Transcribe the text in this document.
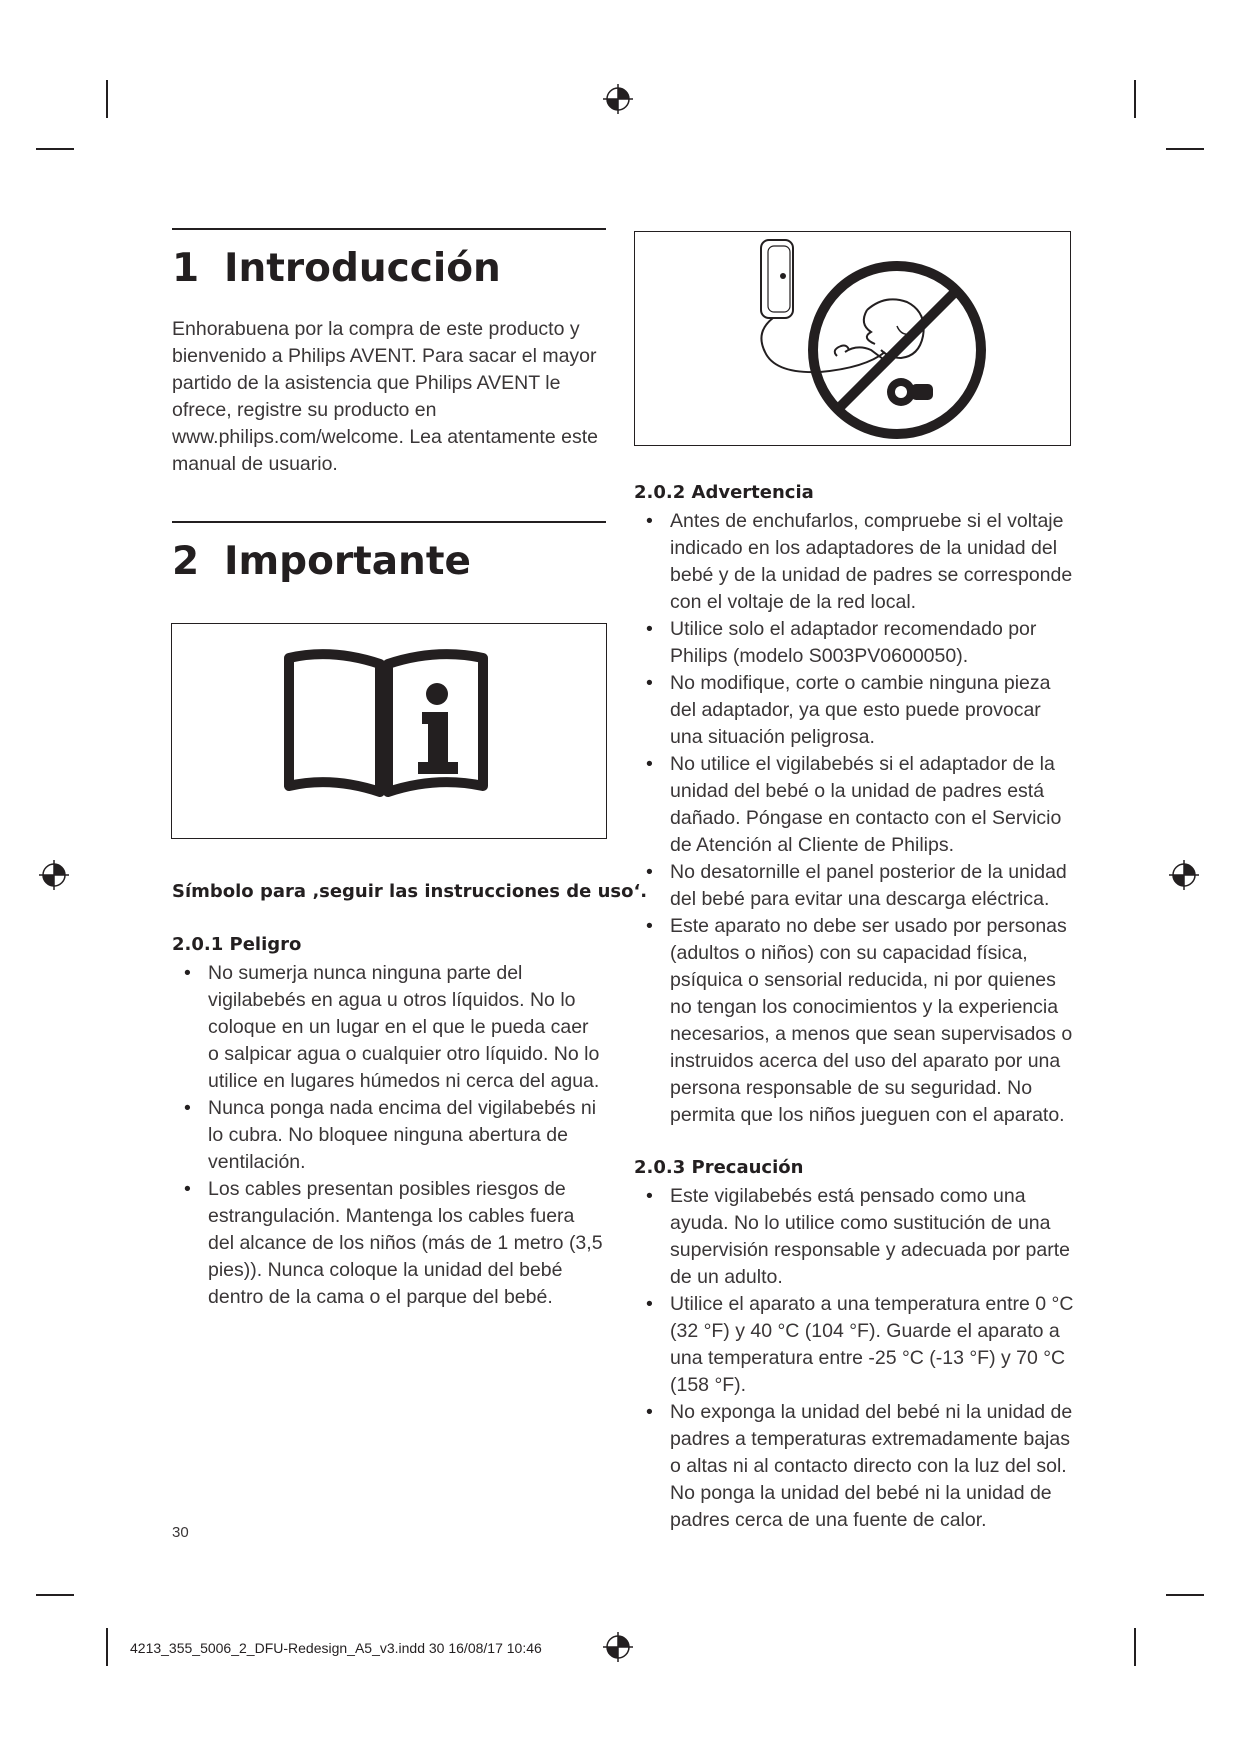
1 Introducción
Enhorabuena por la compra de este producto y bienvenido a Philips AVENT. Para sacar el mayor partido de la asistencia que Philips AVENT le ofrece, registre su producto en www.philips.com/welcome. Lea atentamente este manual de usuario.
2 Importante
Símbolo para ‚seguir las instrucciones de uso‘.
2.0.1 Peligro
• No sumerja nunca ninguna parte del vigilabebés en agua u otros líquidos. No lo coloque en un lugar en el que le pueda caer o salpicar agua o cualquier otro líquido. No lo utilice en lugares húmedos ni cerca del agua.
• Nunca ponga nada encima del vigilabebés ni lo cubra. No bloquee ninguna abertura de ventilación.
• Los cables presentan posibles riesgos de estrangulación. Mantenga los cables fuera del alcance de los niños (más de 1 metro (3,5 pies)). Nunca coloque la unidad del bebé dentro de la cama o el parque del bebé.
30
2.0.2 Advertencia
• Antes de enchufarlos, compruebe si el voltaje indicado en los adaptadores de la unidad del bebé y de la unidad de padres se corresponde con el voltaje de la red local.
• Utilice solo el adaptador recomendado por Philips (modelo S003PV0600050).
• No modifique, corte o cambie ninguna pieza del adaptador, ya que esto puede provocar una situación peligrosa.
• No utilice el vigilabebés si el adaptador de la unidad del bebé o la unidad de padres está dañado. Póngase en contacto con el Servicio de Atención al Cliente de Philips.
• No desatornille el panel posterior de la unidad del bebé para evitar una descarga eléctrica.
• Este aparato no debe ser usado por personas (adultos o niños) con su capacidad física, psíquica o sensorial reducida, ni por quienes no tengan los conocimientos y la experiencia necesarios, a menos que sean supervisados o instruidos acerca del uso del aparato por una persona responsable de su seguridad. No permita que los niños jueguen con el aparato.
2.0.3 Precaución
• Este vigilabebés está pensado como una ayuda. No lo utilice como sustitución de una supervisión responsable y adecuada por parte de un adulto.
• Utilice el aparato a una temperatura entre 0 °C (32 °F) y 40 °C (104 °F). Guarde el aparato a una temperatura entre -25 °C (-13 °F) y 70 °C (158 °F).
• No exponga la unidad del bebé ni la unidad de padres a temperaturas extremadamente bajas o altas ni al contacto directo con la luz del sol. No ponga la unidad del bebé ni la unidad de padres cerca de una fuente de calor.
4213_355_5006_2_DFU-Redesign_A5_v3.indd 30 16/08/17 10:46
